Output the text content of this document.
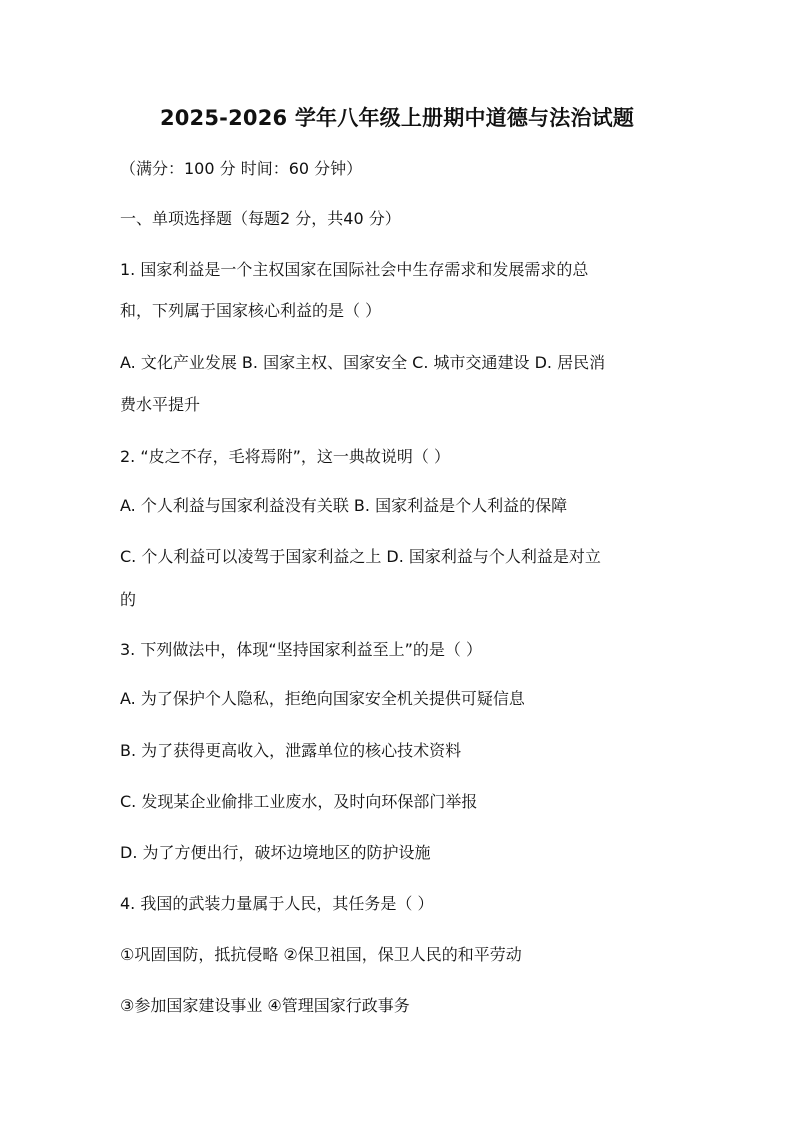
2025-2026 学年八年级上册期中道德与法治试题
（满分：100 分 时间：60 分钟）
一、单项选择题（每题2 分，共40 分）
1. 国家利益是一个主权国家在国际社会中生存需求和发展需求的总
和，下列属于国家核心利益的是（ ）
A. 文化产业发展 B. 国家主权、国家安全 C. 城市交通建设 D. 居民消
费水平提升
2. “皮之不存，毛将焉附”，这一典故说明（ ）
A. 个人利益与国家利益没有关联 B. 国家利益是个人利益的保障
C. 个人利益可以凌驾于国家利益之上 D. 国家利益与个人利益是对立
的
3. 下列做法中，体现“坚持国家利益至上”的是（ ）
A. 为了保护个人隐私，拒绝向国家安全机关提供可疑信息
B. 为了获得更高收入，泄露单位的核心技术资料
C. 发现某企业偷排工业废水，及时向环保部门举报
D. 为了方便出行，破坏边境地区的防护设施
4. 我国的武装力量属于人民，其任务是（ ）
①巩固国防，抵抗侵略 ②保卫祖国，保卫人民的和平劳动
③参加国家建设事业 ④管理国家行政事务
